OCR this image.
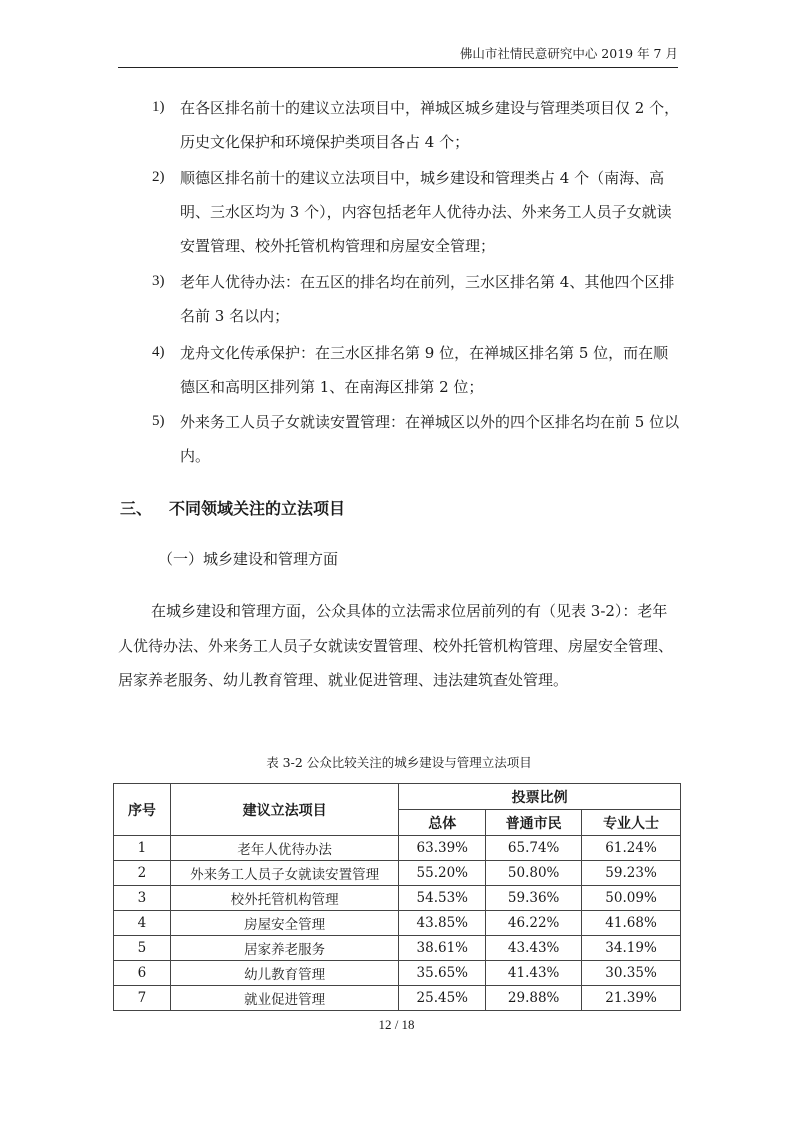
佛山市社情民意研究中心 2019 年 7 月
1) 在各区排名前十的建议立法项目中，禅城区城乡建设与管理类项目仅 2 个，历史文化保护和环境保护类项目各占 4 个；
2) 顺德区排名前十的建议立法项目中，城乡建设和管理类占 4 个（南海、高明、三水区均为 3 个），内容包括老年人优待办法、外来务工人员子女就读安置管理、校外托管机构管理和房屋安全管理；
3) 老年人优待办法：在五区的排名均在前列，三水区排名第 4、其他四个区排名前 3 名以内；
4) 龙舟文化传承保护：在三水区排名第 9 位，在禅城区排名第 5 位，而在顺德区和高明区排列第 1、在南海区排第 2 位；
5) 外来务工人员子女就读安置管理：在禅城区以外的四个区排名均在前 5 位以内。
三、 不同领域关注的立法项目
（一）城乡建设和管理方面
在城乡建设和管理方面，公众具体的立法需求位居前列的有（见表 3-2）：老年人优待办法、外来务工人员子女就读安置管理、校外托管机构管理、房屋安全管理、居家养老服务、幼儿教育管理、就业促进管理、违法建筑查处管理。
表 3-2 公众比较关注的城乡建设与管理立法项目
序号	建议立法项目	投票比例		
		总体	普通市民	专业人士
1	老年人优待办法	63.39%	65.74%	61.24%
2	外来务工人员子女就读安置管理	55.20%	50.80%	59.23%
3	校外托管机构管理	54.53%	59.36%	50.09%
4	房屋安全管理	43.85%	46.22%	41.68%
5	居家养老服务	38.61%	43.43%	34.19%
6	幼儿教育管理	35.65%	41.43%	30.35%
7	就业促进管理	25.45%	29.88%	21.39%
12 / 18
